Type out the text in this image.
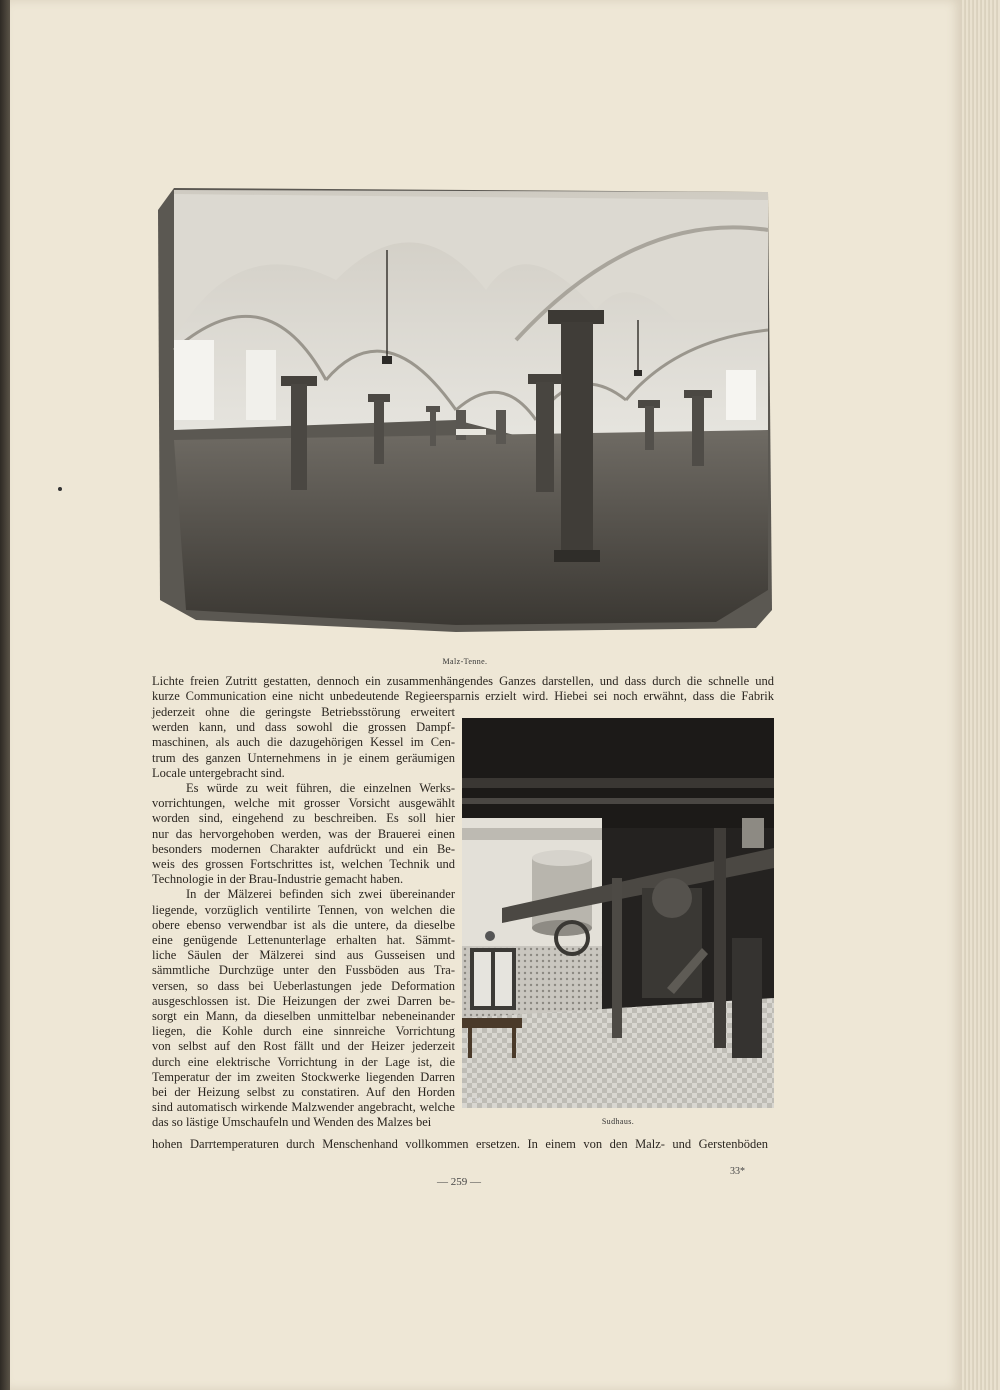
Malz-Tenne.
Lichte freien Zutritt gestatten, dennoch ein zusammenhängendes Ganzes darstellen, und dass durch die schnelle und
kurze Communication eine nicht unbedeutende Regieersparnis erzielt wird. Hiebei sei noch erwähnt, dass die Fabrik
jederzeit ohne die geringste Betriebsstörung erweitert
werden kann, und dass sowohl die grossen Dampf-
maschinen, als auch die dazugehörigen Kessel im Cen-
trum des ganzen Unternehmens in je einem geräumigen
Locale untergebracht sind.
Es würde zu weit führen, die einzelnen Werks-
vorrichtungen, welche mit grosser Vorsicht ausgewählt
worden sind, eingehend zu beschreiben. Es soll hier
nur das hervorgehoben werden, was der Brauerei einen
besonders modernen Charakter aufdrückt und ein Be-
weis des grossen Fortschrittes ist, welchen Technik und
Technologie in der Brau-Industrie gemacht haben.
In der Mälzerei befinden sich zwei übereinander
liegende, vorzüglich ventilirte Tennen, von welchen die
obere ebenso verwendbar ist als die untere, da dieselbe
eine genügende Lettenunterlage erhalten hat. Sämmt-
liche Säulen der Mälzerei sind aus Gusseisen und
sämmtliche Durchzüge unter den Fussböden aus Tra-
versen, so dass bei Ueberlastungen jede Deformation
ausgeschlossen ist. Die Heizungen der zwei Darren be-
sorgt ein Mann, da dieselben unmittelbar nebeneinander
liegen, die Kohle durch eine sinnreiche Vorrichtung
von selbst auf den Rost fällt und der Heizer jederzeit
durch eine elektrische Vorrichtung in der Lage ist, die
Temperatur der im zweiten Stockwerke liegenden Darren
bei der Heizung selbst zu constatiren. Auf den Horden
sind automatisch wirkende Malzwender angebracht, welche
das so lästige Umschaufeln und Wenden des Malzes bei
B.H.
Sudhaus.
hohen Darrtemperaturen durch Menschenhand vollkommen ersetzen. In einem von den Malz- und Gerstenböden
— 259 —
33*
